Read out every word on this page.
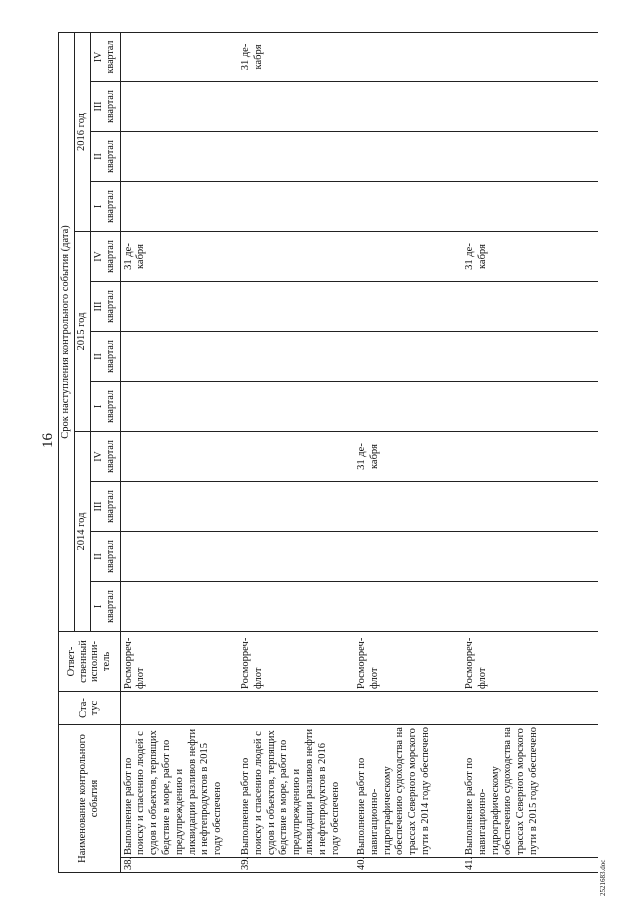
16
Наименование контрольного события		Ста-тус	Ответ-ственный исполни-тель	Срок наступления контрольного события (дата)											
				2014 год				2015 год				2016 год			

				I квартал	II квартал	III квартал	IV квартал	I квартал	II квартал	III квартал	IV квартал	I квартал	II квартал	III квартал	IV квартал

38.	Выполнение работ по поиску и спасению людей с судов и объектов, терпящих бедствие в море, работ по предупреждению и ликвидации разливов нефти и нефтепродуктов в 2015 году обеспечено		Росморреч-флот								31 де-кабря				
39.	Выполнение работ по поиску и спасению людей с судов и объектов, терпящих бедствие в море, работ по предупреждению и ликвидации разливов нефти и нефтепродуктов в 2016 году обеспечено		Росморреч-флот												31 де-кабря
40.	Выполнение работ по навигационно-гидрографическому обеспечению судоходства на трассах Северного морского пути в 2014 году обеспечено		Росморреч-флот				31 де-кабря								
41.	Выполнение работ по навигационно-гидрографическому обеспечению судоходства на трассах Северного морского пути в 2015 году обеспечено		Росморреч-флот								31 де-кабря				
2521683.doc
